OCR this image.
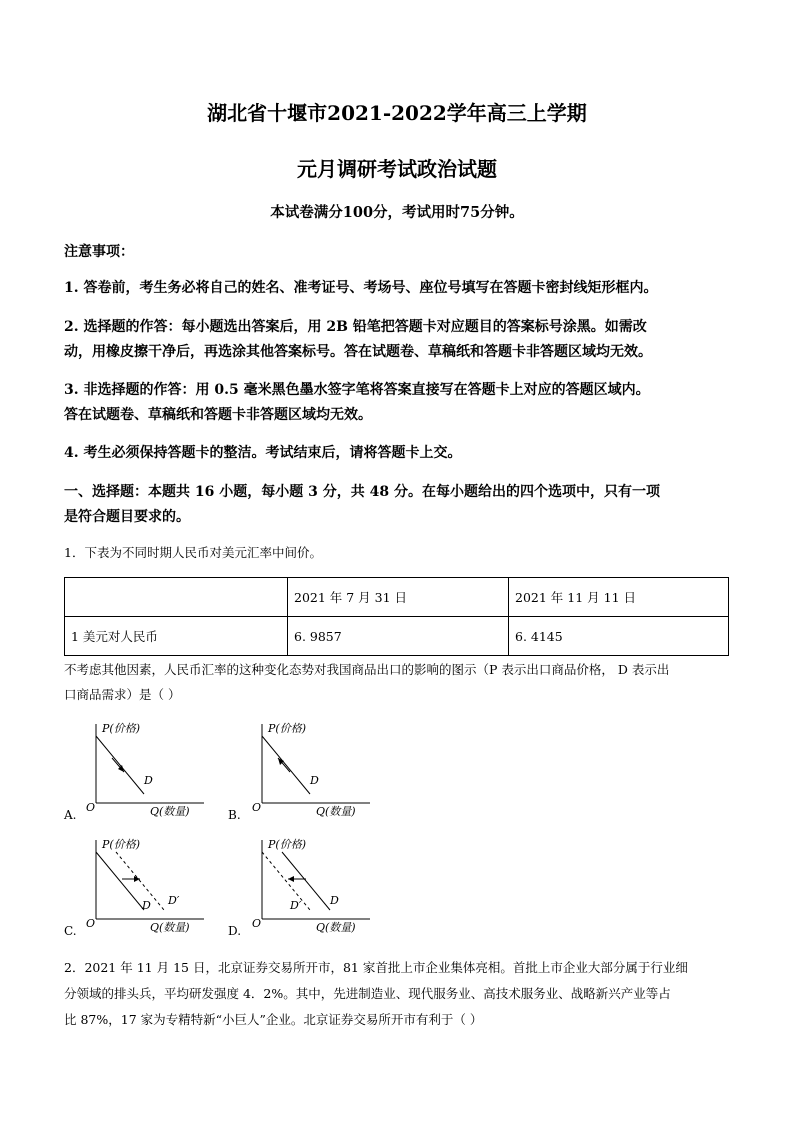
湖北省十堰市2021-2022学年高三上学期
元月调研考试政治试题
本试卷满分100分，考试用时75分钟。
注意事项：
1. 答卷前，考生务必将自己的姓名、准考证号、考场号、座位号填写在答题卡密封线矩形框内。
2. 选择题的作答：每小题选出答案后，用 2B 铅笔把答题卡对应题目的答案标号涂黑。如需改
动，用橡皮擦干净后，再选涂其他答案标号。答在试题卷、草稿纸和答题卡非答题区域均无效。
3. 非选择题的作答：用 0.5 毫米黑色墨水签字笔将答案直接写在答题卡上对应的答题区域内。
答在试题卷、草稿纸和答题卡非答题区域均无效。
4. 考生必须保持答题卡的整洁。考试结束后，请将答题卡上交。
一、选择题：本题共 16 小题，每小题 3 分，共 48 分。在每小题给出的四个选项中，只有一项
是符合题目要求的。
1．下表为不同时期人民币对美元汇率中间价。
	2021 年 7 月 31 日	2021 年 11 月 11 日
1 美元对人民币	6. 9857	6. 4145
不考虑其他因素，人民币汇率的这种变化态势对我国商品出口的影响的图示（P 表示出口商品价格， D 表示出
口商品需求）是（ ）
P(价格)
O
D
Q(数量)
A.
P(价格)
O
D
Q(数量)
B.
P(价格)
O
D D′
Q(数量)
C.
P(价格)
O
D′	D
Q(数量)
D.
2．2021 年 11 月 15 日，北京证券交易所开市，81 家首批上市企业集体亮相。首批上市企业大部分属于行业细
分领域的排头兵，平均研发强度 4．2%。其中，先进制造业、现代服务业、高技术服务业、战略新兴产业等占
比 87%，17 家为专精特新“小巨人”企业。北京证券交易所开市有利于（ ）
